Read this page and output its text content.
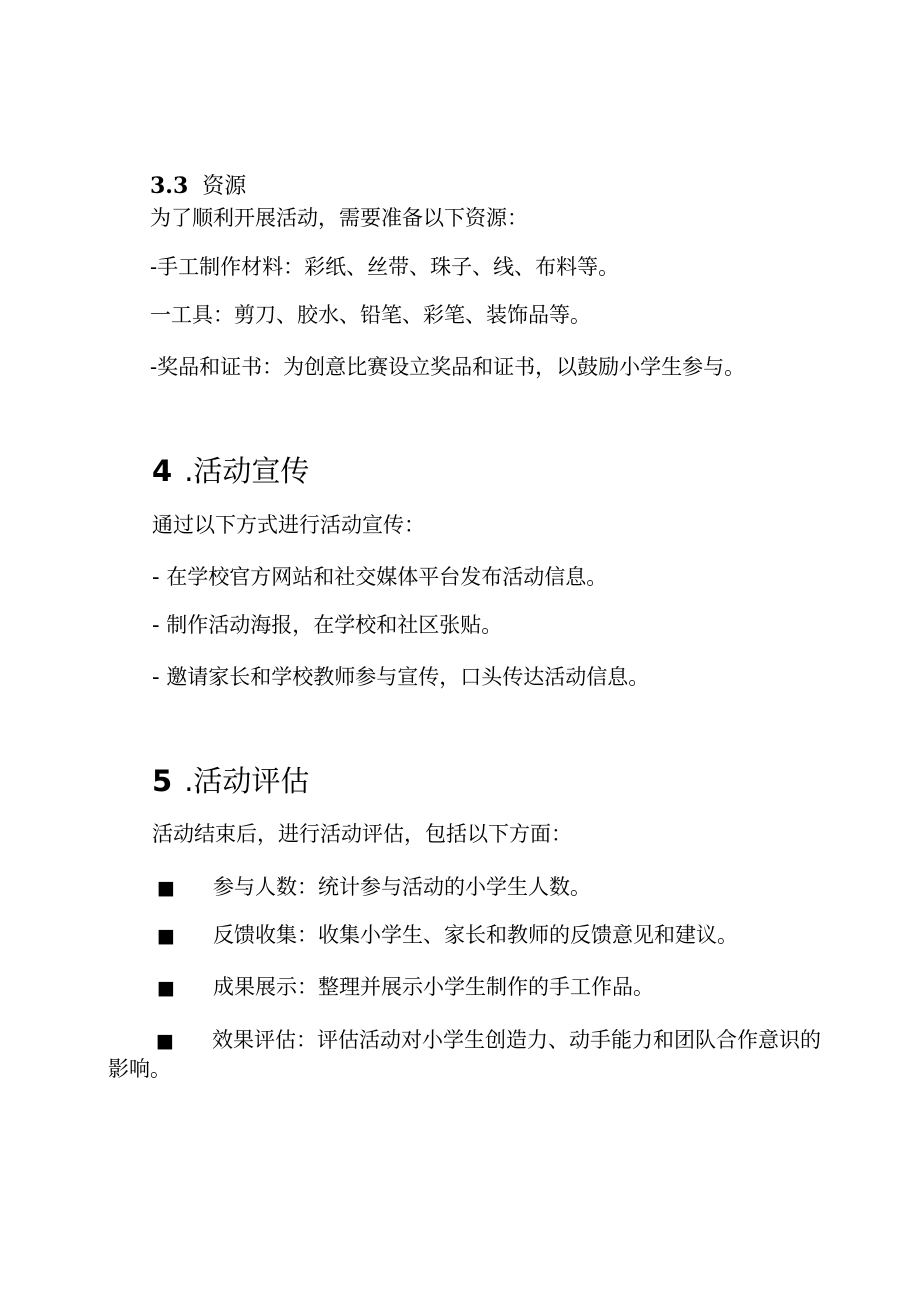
3.3 资源
为了顺利开展活动，需要准备以下资源：
-手工制作材料：彩纸、丝带、珠子、线、布料等。
一工具：剪刀、胶水、铅笔、彩笔、装饰品等。
-奖品和证书：为创意比赛设立奖品和证书，以鼓励小学生参与。
4 .活动宣传
通过以下方式进行活动宣传：
- 在学校官方网站和社交媒体平台发布活动信息。
- 制作活动海报，在学校和社区张贴。
- 邀请家长和学校教师参与宣传，口头传达活动信息。
5 .活动评估
活动结束后，进行活动评估，包括以下方面：
■ 参与人数：统计参与活动的小学生人数。
■ 反馈收集：收集小学生、家长和教师的反馈意见和建议。
■ 成果展示：整理并展示小学生制作的手工作品。
■ 效果评估：评估活动对小学生创造力、动手能力和团队合作意识的影响。
